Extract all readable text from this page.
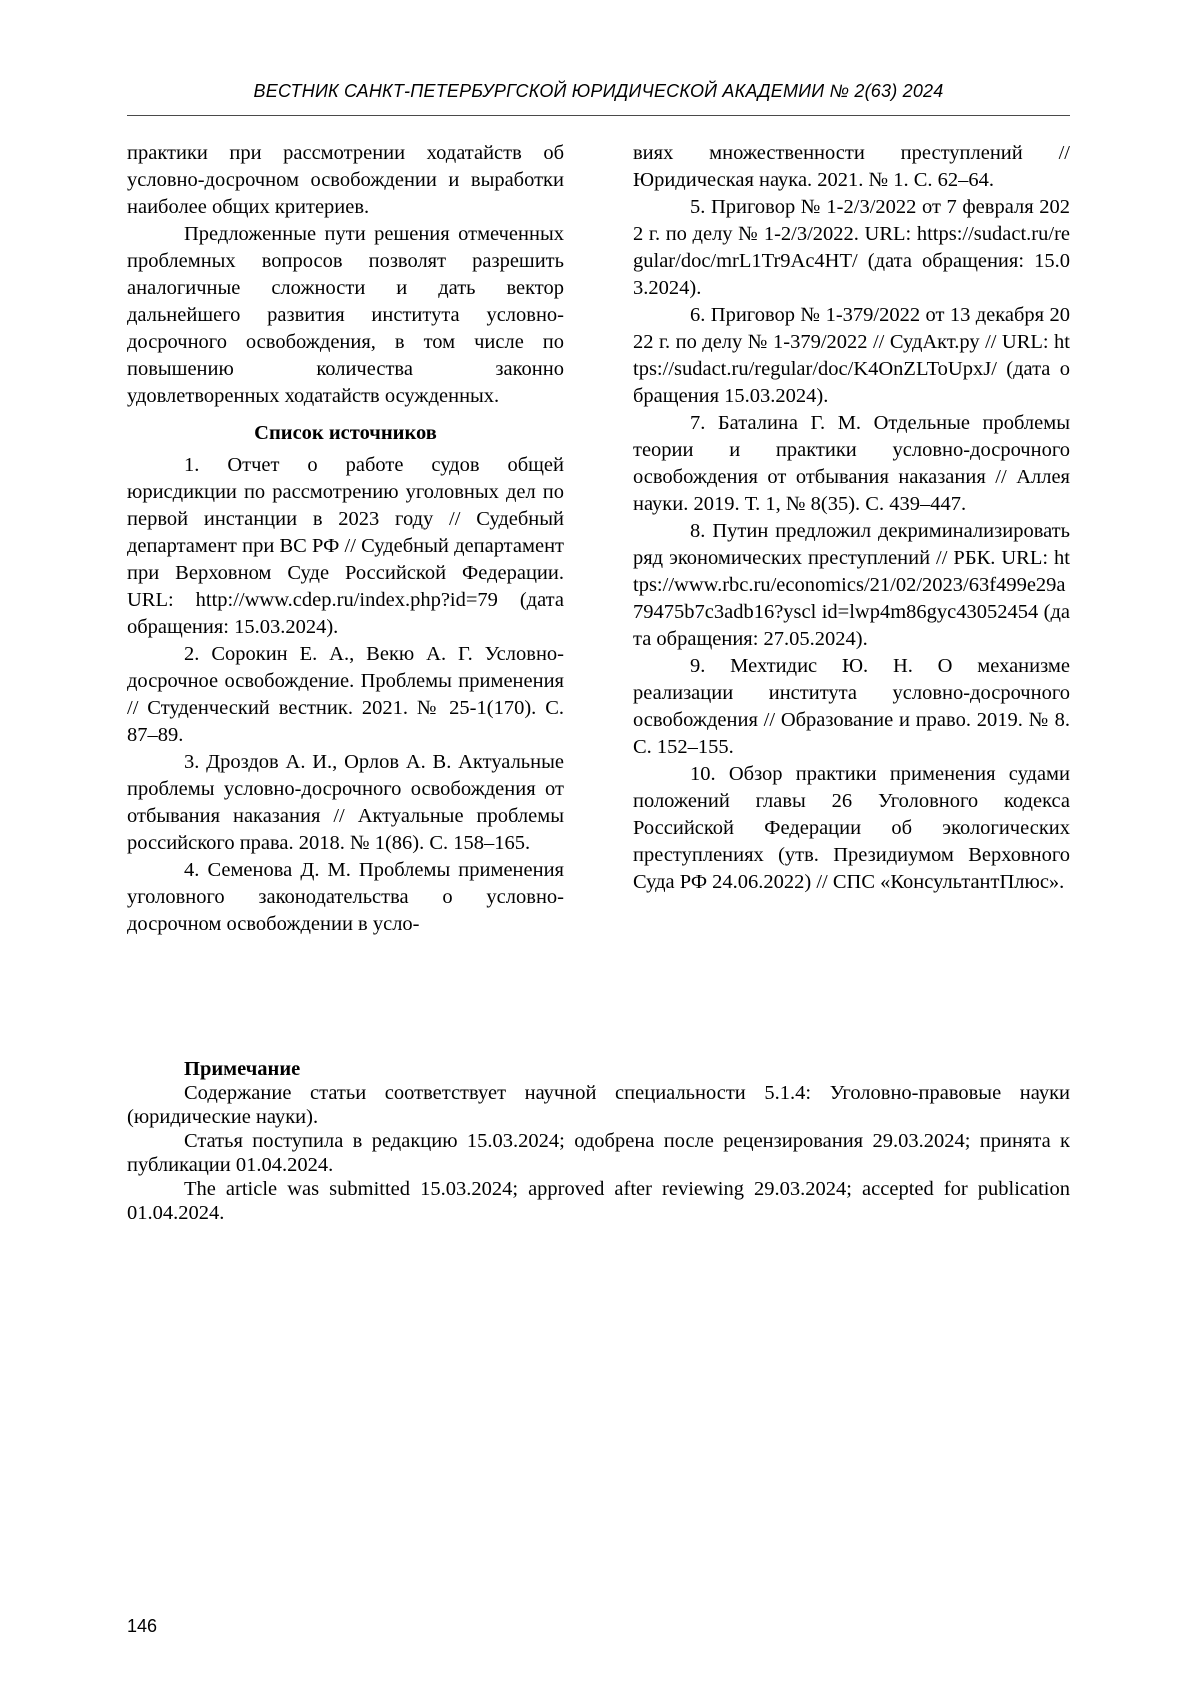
ВЕСТНИК САНКТ-ПЕТЕРБУРГСКОЙ ЮРИДИЧЕСКОЙ АКАДЕМИИ № 2(63) 2024

практики при рассмотрении ходатайств об условно-досрочном освобождении и выработки наиболее общих критериев.

Предложенные пути решения отмеченных проблемных вопросов позволят разрешить аналогичные сложности и дать вектор дальнейшего развития института условно-досрочного освобождения, в том числе по повышению количества законно удовлетворенных ходатайств осужденных.

Список источников

1. Отчет о работе судов общей юрисдикции по рассмотрению уголовных дел по первой инстанции в 2023 году // Судебный департамент при ВС РФ // Судебный департамент при Верховном Суде Российской Федерации. URL: http://www.cdep.ru/index.php?id=79 (дата обращения: 15.03.2024).

2. Сорокин Е. А., Векю А. Г. Условно-досрочное освобождение. Проблемы применения // Студенческий вестник. 2021. № 25-1(170). С. 87–89.

3. Дроздов А. И., Орлов А. В. Актуальные проблемы условно-досрочного освобождения от отбывания наказания // Актуальные проблемы российского права. 2018. № 1(86). С. 158–165.

4. Семенова Д. М. Проблемы применения уголовного законодательства о условно-досрочном освобождении в усло-

виях множественности преступлений // Юридическая наука. 2021. № 1. С. 62–64.

5. Приговор № 1-2/3/2022 от 7 февраля 2022 г. по делу № 1-2/3/2022. URL: https://sudact.ru/regular/doc/mrL1Tr9Ac4HT/ (дата обращения: 15.03.2024).

6. Приговор № 1-379/2022 от 13 декабря 2022 г. по делу № 1-379/2022 // СудАкт.ру // URL: https://sudact.ru/regular/doc/K4OnZLToUpxJ/ (дата обращения 15.03.2024).

7. Баталина Г. М. Отдельные проблемы теории и практики условно-досрочного освобождения от отбывания наказания // Аллея науки. 2019. Т. 1, № 8(35). С. 439–447.

8. Путин предложил декриминализировать ряд экономических преступлений // РБК. URL: https://www.rbc.ru/economics/21/02/2023/63f499e29a79475b7c3adb16?yscl id=lwp4m86gyc43052454 (дата обращения: 27.05.2024).

9. Мехтидис Ю. Н. О механизме реализации института условно-досрочного освобождения // Образование и право. 2019. № 8. С. 152–155.

10. Обзор практики применения судами положений главы 26 Уголовного кодекса Российской Федерации об экологических преступлениях (утв. Президиумом Верховного Суда РФ 24.06.2022) // СПС «КонсультантПлюс».

Примечание

Содержание статьи соответствует научной специальности 5.1.4: Уголовно-правовые науки (юридические науки).

Статья поступила в редакцию 15.03.2024; одобрена после рецензирования 29.03.2024; принята к публикации 01.04.2024.

The article was submitted 15.03.2024; approved after reviewing 29.03.2024; accepted for publication 01.04.2024.

146
